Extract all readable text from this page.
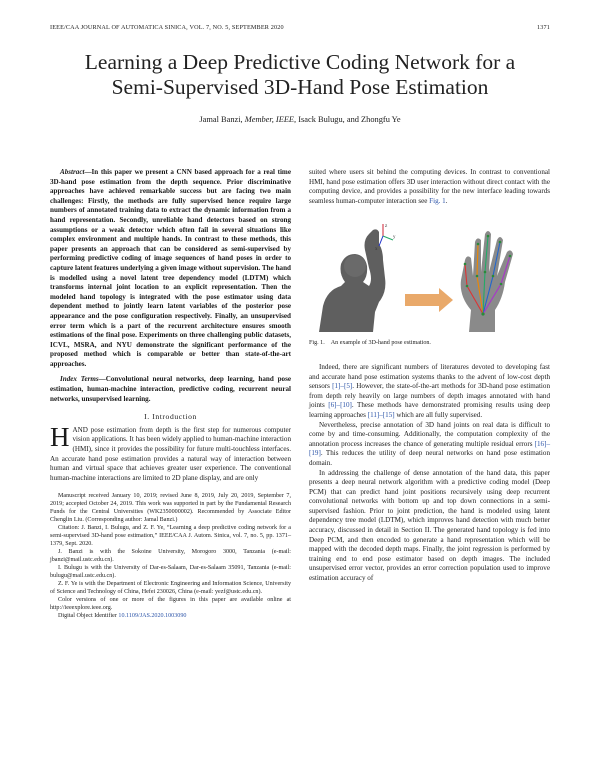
IEEE/CAA JOURNAL OF AUTOMATICA SINICA, VOL. 7, NO. 5, SEPTEMBER 2020	1371
Learning a Deep Predictive Coding Network for a
Semi-Supervised 3D-Hand Pose Estimation
Jamal Banzi, Member, IEEE, Isack Bulugu, and Zhongfu Ye

Abstract—In this paper we present a CNN based approach for a real time 3D-hand pose estimation from the depth sequence. Prior discriminative approaches have achieved remarkable success but are facing two main challenges: Firstly, the methods are fully supervised hence require large numbers of annotated training data to extract the dynamic information from a hand representation. Secondly, unreliable hand detectors based on strong assumptions or a weak detector which often fail in several situations like complex environment and multiple hands. In contrast to these methods, this paper presents an approach that can be considered as semi-supervised by performing predictive coding of image sequences of hand poses in order to capture latent features underlying a given image without supervision. The hand is modelled using a novel latent tree dependency model (LDTM) which transforms internal joint location to an explicit representation. Then the modeled hand topology is integrated with the pose estimator using data dependent method to jointly learn latent variables of the posterior pose appearance and the pose configuration respectively. Finally, an unsupervised error term which is a part of the recurrent architecture ensures smooth estimations of the final pose. Experiments on three challenging public datasets, ICVL, MSRA, and NYU demonstrate the significant performance of the proposed method which is comparable or better than state-of-the-art approaches.

Index Terms—Convolutional neural networks, deep learning, hand pose estimation, human-machine interaction, predictive coding, recurrent neural networks, unsupervised learning.

I. Introduction

HAND pose estimation from depth is the first step for numerous computer vision applications. It has been widely applied to human-machine interaction (HMI), since it provides the possibility for future multi-touchless interfaces. An accurate hand pose estimation provides a natural way of interaction between human and virtual space that achieves greater user experience. The conventional human-machine interactions are limited to 2D plane display, and are only

Manuscript received January 10, 2019; revised June 8, 2019, July 20, 2019, September 7, 2019; accepted October 24, 2019. This work was supported in part by the Fundamental Research Funds for the Central Universities (WK2350000002). Recommended by Associate Editor Chenglin Liu. (Corresponding author: Jamal Banzi.)

Citation: J. Banzi, I. Bulugu, and Z. F. Ye, “Learning a deep predictive coding network for a semi-supervised 3D-hand pose estimation,” IEEE/CAA J. Autom. Sinica, vol. 7, no. 5, pp. 1371–1379, Sept. 2020.

J. Banzi is with the Sokoine University, Morogoro 3000, Tanzania (e-mail: jbanzi@mail.ustc.edu.cn).

I. Bulugu is with the University of Dar-es-Salaam, Dar-es-Salaam 35091, Tanzania (e-mail: bulugu@mail.ustc.edu.cn).

Z. F. Ye is with the Department of Electronic Engineering and Information Science, University of Science and Technology of China, Hefei 230026, China (e-mail: yezf@ustc.edu.cn).

Color versions of one or more of the figures in this paper are available online at http://ieeexplore.ieee.org.

Digital Object Identifier 10.1109/JAS.2020.1003090

suited where users sit behind the computing devices. In contrast to conventional HMI, hand pose estimation offers 3D user interaction without direct contact with the computing device, and provides a possibility for the new interface leading towards seamless human-computer interaction see Fig. 1.

z
y
x
Fig. 1. An example of 3D-hand pose estimation.

Indeed, there are significant numbers of literatures devoted to developing fast and accurate hand pose estimation systems thanks to the advent of low-cost depth sensors [1]–[5]. However, the state-of-the-art methods for 3D-hand pose estimation from depth rely heavily on large numbers of depth images annotated with hand joints [6]–[10]. These methods have demonstrated promising results using deep learning approaches [11]–[15] which are all fully supervised.

Nevertheless, precise annotation of 3D hand joints on real data is difficult to come by and time-consuming. Additionally, the computation complexity of the annotation process increases the chance of generating multiple residual errors [16]–[19]. This reduces the utility of deep neural networks on hand pose estimation domain.

In addressing the challenge of dense annotation of the hand data, this paper presents a deep neural network algorithm with a predictive coding model (Deep PCM) that can predict hand joint positions recursively using deep recurrent convolutional networks with bottom up and top down connections in a semi-supervised fashion. Prior to joint prediction, the hand is modeled using latent dependency tree model (LDTM), which improves hand detection with much better accuracy, discussed in detail in Section II. The generated hand topology is fed into Deep PCM, and then encoded to generate a hand representation which will be mapped with the decoded depth maps. Finally, the joint regression is performed by training end to end pose estimator based on depth images. The included unsupervised error vector, provides an error correction population used to improve estimation accuracy of
